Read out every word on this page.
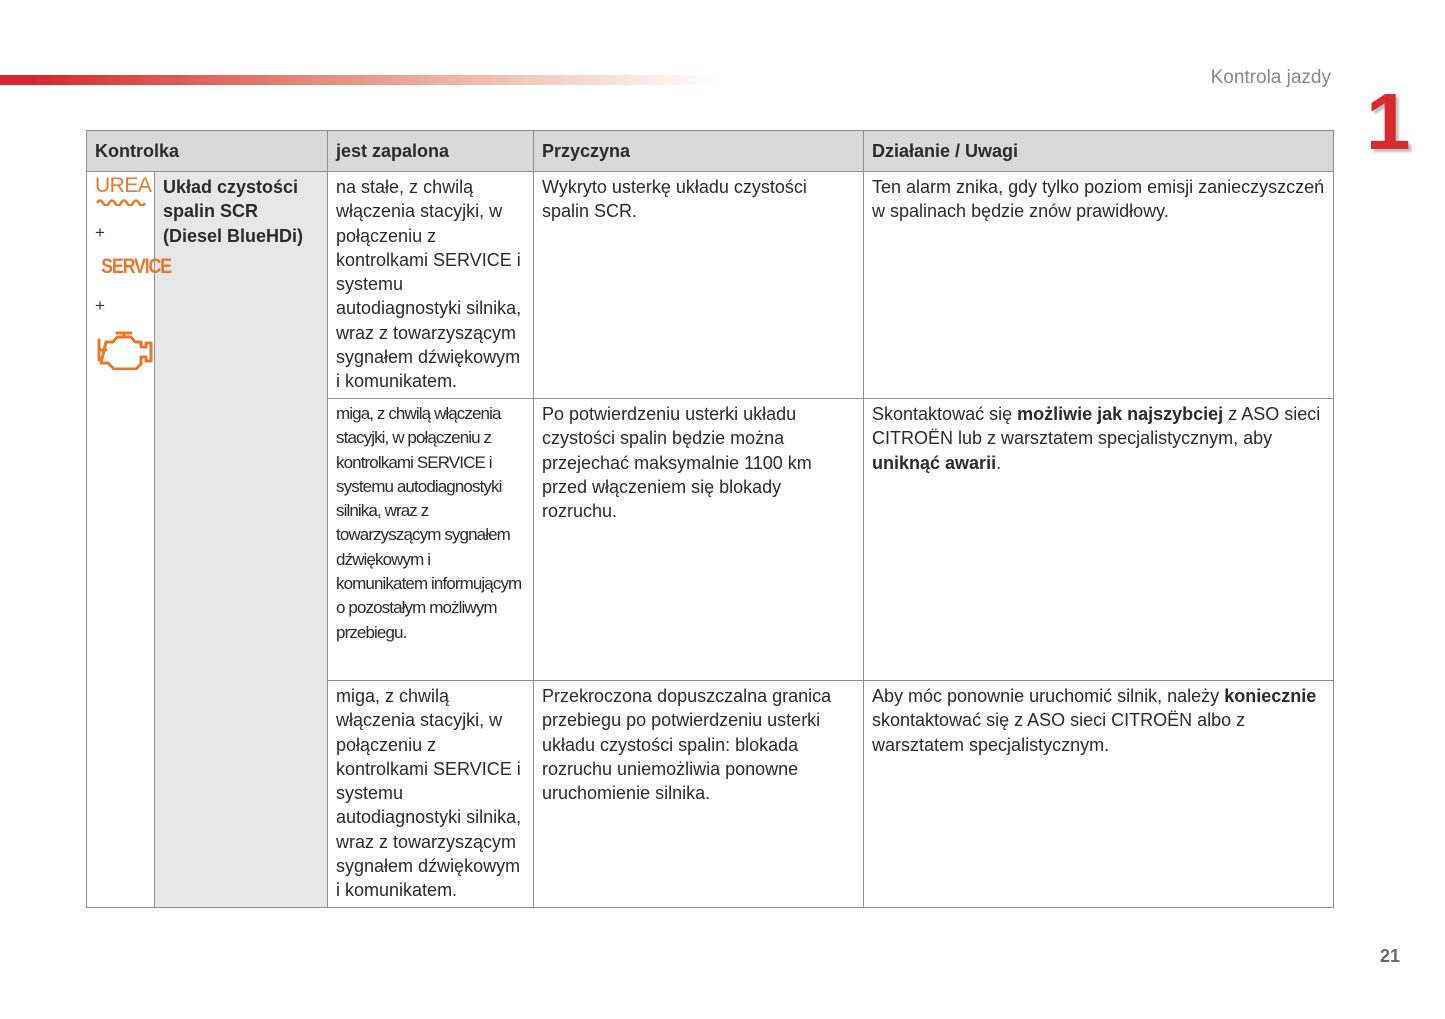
Kontrola jazdy 1
Kontrolka		jest zapalona	Przyczyna	Działanie / Uwagi

UREA
+
SERVICE
+	Układ czystości spalin SCR (Diesel BlueHDi)	na stałe, z chwilą włączenia stacyjki, w połączeniu z kontrolkami SERVICE i systemu autodiagnostyki silnika, wraz z towarzyszącym sygnałem dźwiękowym i komunikatem.	Wykryto usterkę układu czystości spalin SCR.	Ten alarm znika, gdy tylko poziom emisji zanieczyszczeń w spalinach będzie znów prawidłowy.
		miga, z chwilą włączenia stacyjki, w połączeniu z kontrolkami SERVICE i systemu autodiagnostyki silnika, wraz z towarzyszącym sygnałem dźwiękowym i komunikatem informującym o pozostałym możliwym przebiegu.	Po potwierdzeniu usterki układu czystości spalin będzie można przejechać maksymalnie 1100 km przed włączeniem się blokady rozruchu.	Skontaktować się możliwie jak najszybciej z ASO sieci CITROËN lub z warsztatem specjalistycznym, aby uniknąć awarii.
		miga, z chwilą włączenia stacyjki, w połączeniu z kontrolkami SERVICE i systemu autodiagnostyki silnika, wraz z towarzyszącym sygnałem dźwiękowym i komunikatem.	Przekroczona dopuszczalna granica przebiegu po potwierdzeniu usterki układu czystości spalin: blokada rozruchu uniemożliwia ponowne uruchomienie silnika.	Aby móc ponownie uruchomić silnik, należy koniecznie skontaktować się z ASO sieci CITROËN albo z warsztatem specjalistycznym.
21
